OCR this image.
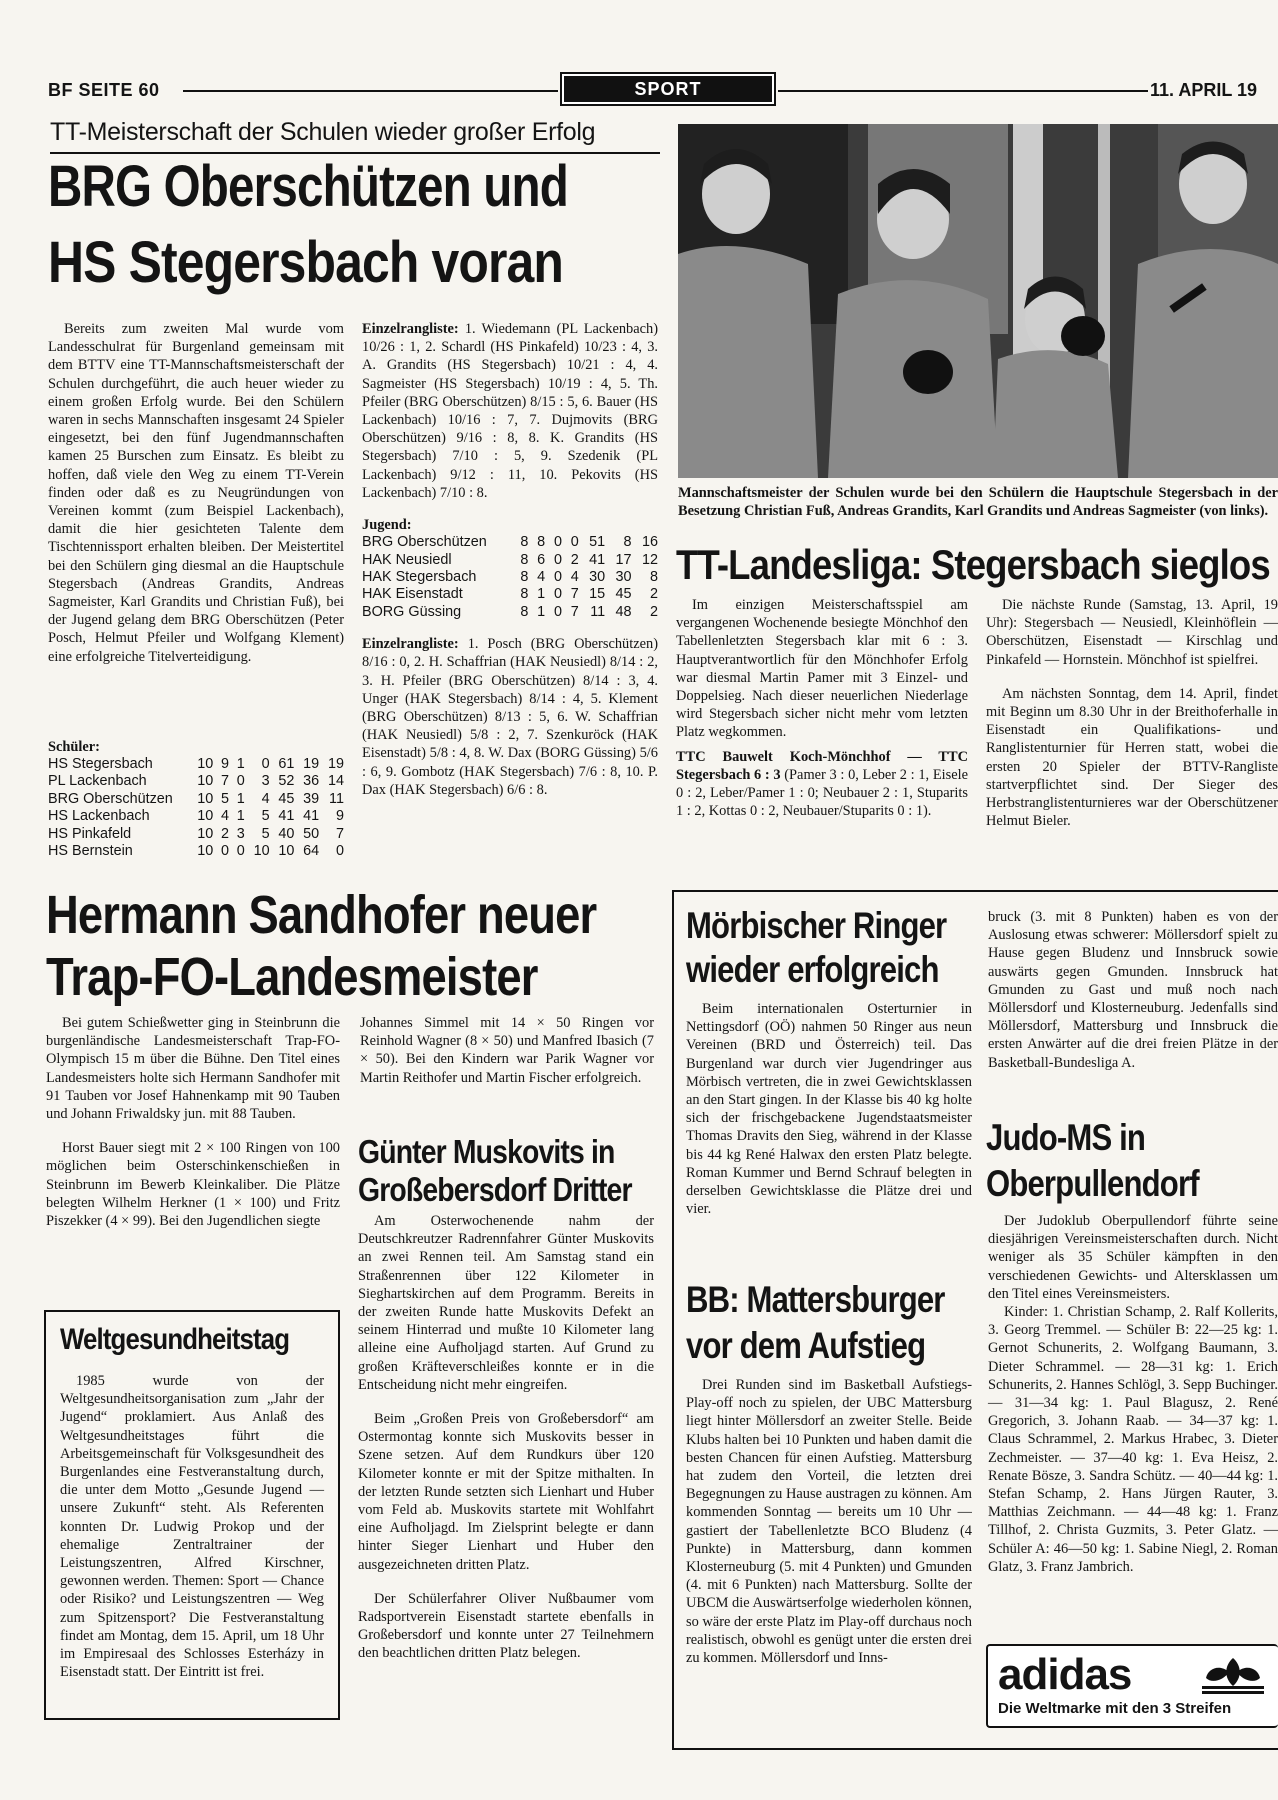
BF SEITE 60	SPORT	11. APRIL 19
TT-Meisterschaft der Schulen wieder großer Erfolg
BRG Oberschützen und
HS Stegersbach voran

Bereits zum zweiten Mal wurde vom Landesschulrat für Burgenland gemeinsam mit dem BTTV eine TT-Mannschaftsmeisterschaft der Schulen durchgeführt, die auch heuer wieder zu einem großen Erfolg wurde. Bei den Schülern waren in sechs Mannschaften insgesamt 24 Spieler eingesetzt, bei den fünf Jugendmannschaften kamen 25 Burschen zum Einsatz. Es bleibt zu hoffen, daß viele den Weg zu einem TT-Verein finden oder daß es zu Neugründungen von Vereinen kommt (zum Beispiel Lackenbach), damit die hier gesichteten Talente dem Tischtennissport erhalten bleiben. Der Meistertitel bei den Schülern ging diesmal an die Hauptschule Stegersbach (Andreas Grandits, Andreas Sagmeister, Karl Grandits und Christian Fuß), bei der Jugend gelang dem BRG Oberschützen (Peter Posch, Helmut Pfeiler und Wolfgang Klement) eine erfolgreiche Titelverteidigung.

Schüler:
HS Stegersbach	10	9	1	0	61	19	19
PL Lackenbach	10	7	0	3	52	36	14
BRG Oberschützen	10	5	1	4	45	39	11
HS Lackenbach	10	4	1	5	41	41	9
HS Pinkafeld	10	2	3	5	40	50	7
HS Bernstein	10	0	0	10	10	64	0
Einzelrangliste: 1. Wiedemann (PL Lackenbach) 10/26 : 1, 2. Schardl (HS Pinkafeld) 10/23 : 4, 3. A. Grandits (HS Stegersbach) 10/21 : 4, 4. Sagmeister (HS Stegersbach) 10/19 : 4, 5. Th. Pfeiler (BRG Oberschützen) 8/15 : 5, 6. Bauer (HS Lackenbach) 10/16 : 7, 7. Dujmovits (BRG Oberschützen) 9/16 : 8, 8. K. Grandits (HS Stegersbach) 7/10 : 5, 9. Szedenik (PL Lackenbach) 9/12 : 11, 10. Pekovits (HS Lackenbach) 7/10 : 8.
Jugend:
BRG Oberschützen	8	8	0	0	51	8	16
HAK Neusiedl	8	6	0	2	41	17	12
HAK Stegersbach	8	4	0	4	30	30	8
HAK Eisenstadt	8	1	0	7	15	45	2
BORG Güssing	8	1	0	7	11	48	2
Einzelrangliste: 1. Posch (BRG Oberschützen) 8/16 : 0, 2. H. Schaffrian (HAK Neusiedl) 8/14 : 2, 3. H. Pfeiler (BRG Oberschützen) 8/14 : 3, 4. Unger (HAK Stegersbach) 8/14 : 4, 5. Klement (BRG Oberschützen) 8/13 : 5, 6. W. Schaffrian (HAK Neusiedl) 5/8 : 2, 7. Szenkuröck (HAK Eisenstadt) 5/8 : 4, 8. W. Dax (BORG Güssing) 5/6 : 6, 9. Gombotz (HAK Stegersbach) 7/6 : 8, 10. P. Dax (HAK Stegersbach) 6/6 : 8.
Mannschaftsmeister der Schulen wurde bei den Schülern die Hauptschule Stegersbach in der Besetzung Christian Fuß, Andreas Grandits, Karl Grandits und Andreas Sagmeister (von links).
TT-Landesliga: Stegersbach sieglos

Im einzigen Meisterschaftsspiel am vergangenen Wochenende besiegte Mönchhof den Tabellenletzten Stegersbach klar mit 6 : 3. Hauptverantwortlich für den Mönchhofer Erfolg war diesmal Martin Pamer mit 3 Einzel- und Doppelsieg. Nach dieser neuerlichen Niederlage wird Stegersbach sicher nicht mehr vom letzten Platz wegkommen.

TTC Bauwelt Koch-Mönchhof — TTC Stegersbach 6 : 3 (Pamer 3 : 0, Leber 2 : 1, Eisele 0 : 2, Leber/Pamer 1 : 0; Neubauer 2 : 1, Stuparits 1 : 2, Kottas 0 : 2, Neubauer/Stuparits 0 : 1).

Die nächste Runde (Samstag, 13. April, 19 Uhr): Stegersbach — Neusiedl, Kleinhöflein — Oberschützen, Eisenstadt — Kirschlag und Pinkafeld — Hornstein. Mönchhof ist spielfrei.

Am nächsten Sonntag, dem 14. April, findet mit Beginn um 8.30 Uhr in der Breithoferhalle in Eisenstadt ein Qualifikations- und Ranglistenturnier für Herren statt, wobei die ersten 20 Spieler der BTTV-Rangliste startverpflichtet sind. Der Sieger des Herbstranglistenturnieres war der Oberschützener Helmut Bieler.

Hermann Sandhofer neuer
Trap-FO-Landesmeister

Bei gutem Schießwetter ging in Steinbrunn die burgenländische Landesmeisterschaft Trap-FO-Olympisch 15 m über die Bühne. Den Titel eines Landesmeisters holte sich Hermann Sandhofer mit 91 Tauben vor Josef Hahnenkamp mit 90 Tauben und Johann Friwaldsky jun. mit 88 Tauben.

Horst Bauer siegt mit 2 × 100 Ringen von 100 möglichen beim Osterschinkenschießen in Steinbrunn im Bewerb Kleinkaliber. Die Plätze belegten Wilhelm Herkner (1 × 100) und Fritz Piszekker (4 × 99). Bei den Jugendlichen siegte

Johannes Simmel mit 14 × 50 Ringen vor Reinhold Wagner (8 × 50) und Manfred Ibasich (7 × 50). Bei den Kindern war Parik Wagner vor Martin Reithofer und Martin Fischer erfolgreich.

Günter Muskovits in
Großebersdorf Dritter

Am Osterwochenende nahm der Deutschkreutzer Radrennfahrer Günter Muskovits an zwei Rennen teil. Am Samstag stand ein Straßenrennen über 122 Kilometer in Sieghartskirchen auf dem Programm. Bereits in der zweiten Runde hatte Muskovits Defekt an seinem Hinterrad und mußte 10 Kilometer lang alleine eine Aufholjagd starten. Auf Grund zu großen Kräfteverschleißes konnte er in die Entscheidung nicht mehr eingreifen.

Beim „Großen Preis von Großebersdorf“ am Ostermontag konnte sich Muskovits besser in Szene setzen. Auf dem Rundkurs über 120 Kilometer konnte er mit der Spitze mithalten. In der letzten Runde setzten sich Lienhart und Huber vom Feld ab. Muskovits startete mit Wohlfahrt eine Aufholjagd. Im Zielsprint belegte er dann hinter Sieger Lienhart und Huber den ausgezeichneten dritten Platz.

Der Schülerfahrer Oliver Nußbaumer vom Radsportverein Eisenstadt startete ebenfalls in Großebersdorf und konnte unter 27 Teilnehmern den beachtlichen dritten Platz belegen.

Weltgesundheitstag

1985 wurde von der Weltgesundheitsorganisation zum „Jahr der Jugend“ proklamiert. Aus Anlaß des Weltgesundheitstages führt die Arbeitsgemeinschaft für Volksgesundheit des Burgenlandes eine Festveranstaltung durch, die unter dem Motto „Gesunde Jugend — unsere Zukunft“ steht. Als Referenten konnten Dr. Ludwig Prokop und der ehemalige Zentraltrainer der Leistungszentren, Alfred Kirschner, gewonnen werden. Themen: Sport — Chance oder Risiko? und Leistungszentren — Weg zum Spitzensport? Die Festveranstaltung findet am Montag, dem 15. April, um 18 Uhr im Empiresaal des Schlosses Esterházy in Eisenstadt statt. Der Eintritt ist frei.

Mörbischer Ringer
wieder erfolgreich

Beim internationalen Osterturnier in Nettingsdorf (OÖ) nahmen 50 Ringer aus neun Vereinen (BRD und Österreich) teil. Das Burgenland war durch vier Jugendringer aus Mörbisch vertreten, die in zwei Gewichtsklassen an den Start gingen. In der Klasse bis 40 kg holte sich der frischgebackene Jugendstaatsmeister Thomas Dravits den Sieg, während in der Klasse bis 44 kg René Halwax den ersten Platz belegte. Roman Kummer und Bernd Schrauf belegten in derselben Gewichtsklasse die Plätze drei und vier.

BB: Mattersburger
vor dem Aufstieg

Drei Runden sind im Basketball Aufstiegs-Play-off noch zu spielen, der UBC Mattersburg liegt hinter Möllersdorf an zweiter Stelle. Beide Klubs halten bei 10 Punkten und haben damit die besten Chancen für einen Aufstieg. Mattersburg hat zudem den Vorteil, die letzten drei Begegnungen zu Hause austragen zu können. Am kommenden Sonntag — bereits um 10 Uhr — gastiert der Tabellenletzte BCO Bludenz (4 Punkte) in Mattersburg, dann kommen Klosterneuburg (5. mit 4 Punkten) und Gmunden (4. mit 6 Punkten) nach Mattersburg. Sollte der UBCM die Auswärtserfolge wiederholen können, so wäre der erste Platz im Play-off durchaus noch realistisch, obwohl es genügt unter die ersten drei zu kommen. Möllersdorf und Inns-

bruck (3. mit 8 Punkten) haben es von der Auslosung etwas schwerer: Möllersdorf spielt zu Hause gegen Bludenz und Innsbruck sowie auswärts gegen Gmunden. Innsbruck hat Gmunden zu Gast und muß noch nach Möllersdorf und Klosterneuburg. Jedenfalls sind Möllersdorf, Mattersburg und Innsbruck die ersten Anwärter auf die drei freien Plätze in der Basketball-Bundesliga A.

Judo-MS in
Oberpullendorf

Der Judoklub Oberpullendorf führte seine diesjährigen Vereinsmeisterschaften durch. Nicht weniger als 35 Schüler kämpften in den verschiedenen Gewichts- und Altersklassen um den Titel eines Vereinsmeisters.

Kinder: 1. Christian Schamp, 2. Ralf Kollerits, 3. Georg Tremmel. — Schüler B: 22—25 kg: 1. Gernot Schunerits, 2. Wolfgang Baumann, 3. Dieter Schrammel. — 28—31 kg: 1. Erich Schunerits, 2. Hannes Schlögl, 3. Sepp Buchinger. — 31—34 kg: 1. Paul Blagusz, 2. René Gregorich, 3. Johann Raab. — 34—37 kg: 1. Claus Schrammel, 2. Markus Hrabec, 3. Dieter Zechmeister. — 37—40 kg: 1. Eva Heisz, 2. Renate Bösze, 3. Sandra Schütz. — 40—44 kg: 1. Stefan Schamp, 2. Hans Jürgen Rauter, 3. Matthias Zeichmann. — 44—48 kg: 1. Franz Tillhof, 2. Christa Guzmits, 3. Peter Glatz. — Schüler A: 46—50 kg: 1. Sabine Niegl, 2. Roman Glatz, 3. Franz Jambrich.

adidas
Die Weltmarke mit den 3 Streifen
